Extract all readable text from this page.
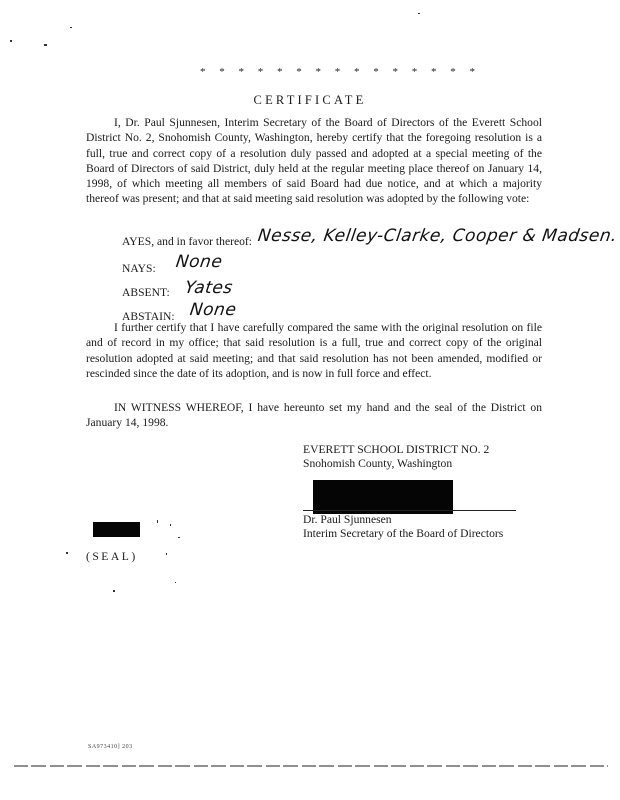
* * * * * * * * * * * * * * *
CERTIFICATE
I, Dr. Paul Sjunnesen, Interim Secretary of the Board of Directors of the Everett School District No. 2, Snohomish County, Washington, hereby certify that the foregoing resolution is a full, true and correct copy of a resolution duly passed and adopted at a special meeting of the Board of Directors of said District, duly held at the regular meeting place thereof on January 14, 1998, of which meeting all members of said Board had due notice, and at which a majority thereof was present; and that at said meeting said resolution was adopted by the following vote:
AYES, and in favor thereof: Nesse, Kelley-Clarke, Cooper & Madsen.
NAYS: None
ABSENT: Yates
ABSTAIN: None
I further certify that I have carefully compared the same with the original resolution on file and of record in my office; that said resolution is a full, true and correct copy of the original resolution adopted at said meeting; and that said resolution has not been amended, modified or rescinded since the date of its adoption, and is now in full force and effect.
IN WITNESS WHEREOF, I have hereunto set my hand and the seal of the District on January 14, 1998.
EVERETT SCHOOL DISTRICT NO. 2
Snohomish County, Washington
Dr. Paul Sjunnesen
Interim Secretary of the Board of Directors
(SEAL)
SA973410] 203
